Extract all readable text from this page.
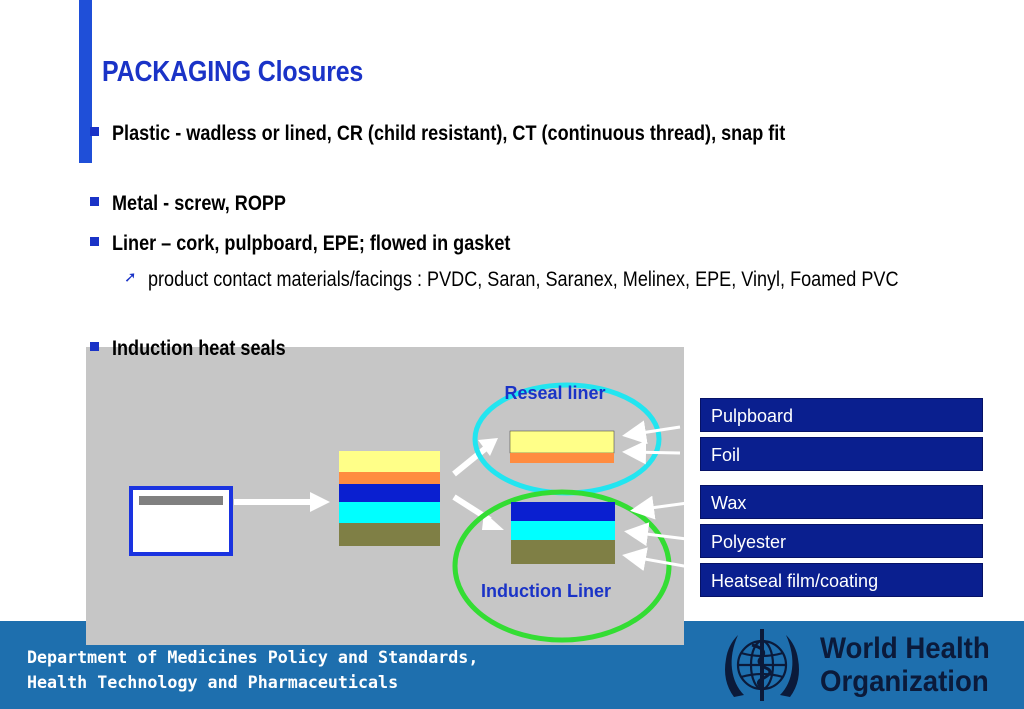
PACKAGING Closures
Plastic - wadless or lined, CR (child resistant), CT (continuous thread), snap fit
Metal - screw, ROPP
Liner – cork, pulpboard, EPE; flowed in gasket
➚ product contact materials/facings : PVDC, Saran, Saranex, Melinex, EPE, Vinyl, Foamed PVC
Induction heat seals
Department of Medicines Policy and Standards,
Health Technology and Pharmaceuticals
Pulpboard
Foil
Wax
Polyester
Heatseal film/coating
Reseal liner
Induction Liner
World Health
Organization
